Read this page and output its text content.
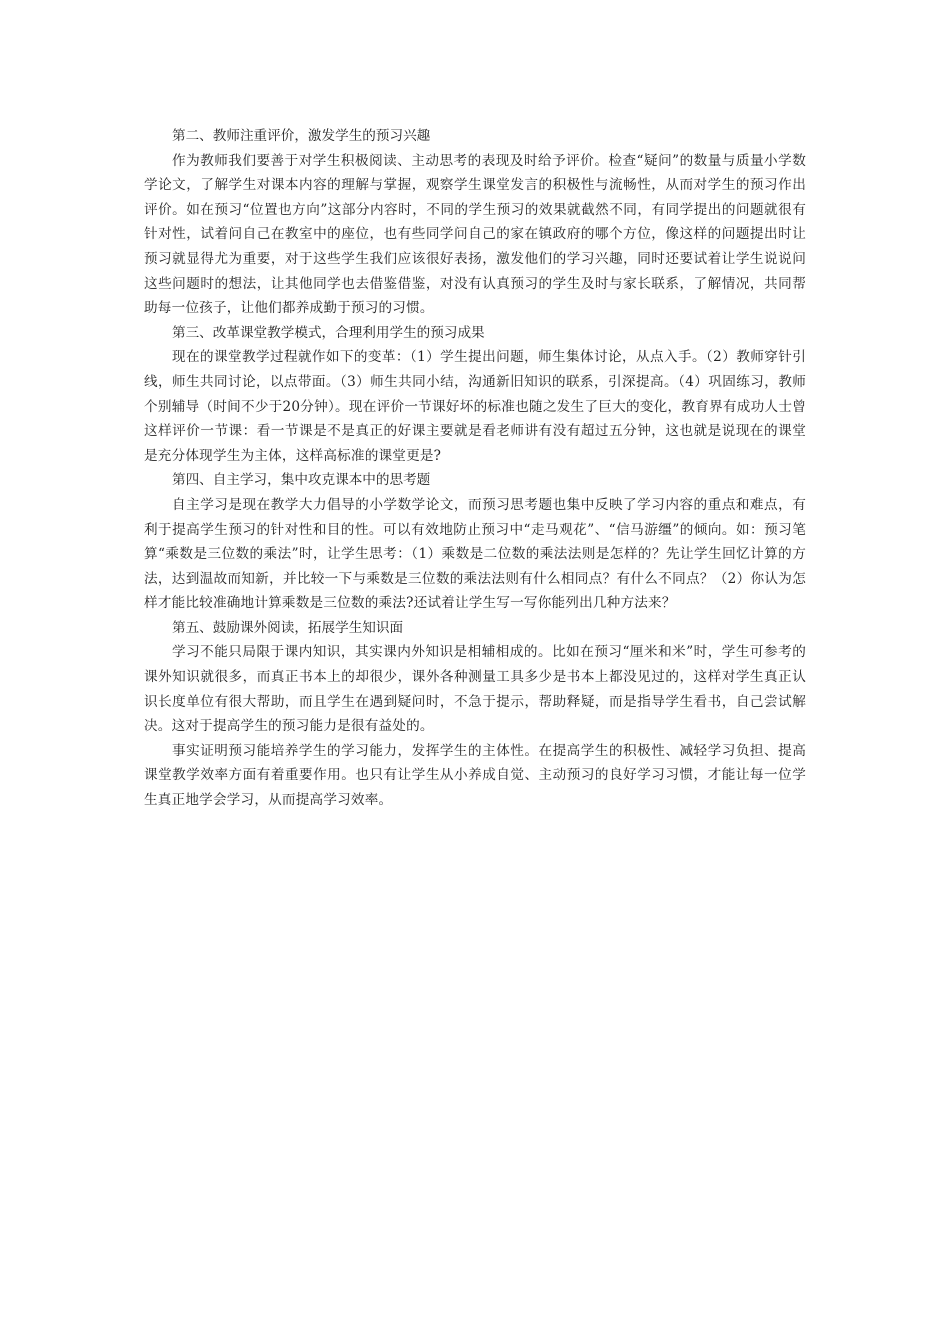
第二、教师注重评价，激发学生的预习兴趣

作为教师我们要善于对学生积极阅读、主动思考的表现及时给予评价。检查“疑问”的数量与质量小学数学论文，了解学生对课本内容的理解与掌握，观察学生课堂发言的积极性与流畅性，从而对学生的预习作出评价。如在预习“位置也方向”这部分内容时，不同的学生预习的效果就截然不同，有同学提出的问题就很有针对性，试着问自己在教室中的座位，也有些同学问自己的家在镇政府的哪个方位，像这样的问题提出时让预习就显得尤为重要，对于这些学生我们应该很好表扬，激发他们的学习兴趣，同时还要试着让学生说说问这些问题时的想法，让其他同学也去借鉴借鉴，对没有认真预习的学生及时与家长联系，了解情况，共同帮助每一位孩子，让他们都养成勤于预习的习惯。

第三、改革课堂教学模式，合理利用学生的预习成果

现在的课堂教学过程就作如下的变革：（1）学生提出问题，师生集体讨论，从点入手。（2）教师穿针引线，师生共同讨论，以点带面。（3）师生共同小结，沟通新旧知识的联系，引深提高。（4）巩固练习，教师个别辅导（时间不少于20分钟）。现在评价一节课好坏的标准也随之发生了巨大的变化，教育界有成功人士曾这样评价一节课：看一节课是不是真正的好课主要就是看老师讲有没有超过五分钟，这也就是说现在的课堂是充分体现学生为主体，这样高标准的课堂更是?

第四、自主学习，集中攻克课本中的思考题

自主学习是现在教学大力倡导的小学数学论文，而预习思考题也集中反映了学习内容的重点和难点，有利于提高学生预习的针对性和目的性。可以有效地防止预习中“走马观花”、“信马游缰”的倾向。如：预习笔算“乘数是三位数的乘法”时，让学生思考：（1）乘数是二位数的乘法法则是怎样的？先让学生回忆计算的方法，达到温故而知新，并比较一下与乘数是三位数的乘法法则有什么相同点？有什么不同点？（2）你认为怎样才能比较准确地计算乘数是三位数的乘法?还试着让学生写一写你能列出几种方法来？

第五、鼓励课外阅读，拓展学生知识面

学习不能只局限于课内知识，其实课内外知识是相辅相成的。比如在预习“厘米和米”时，学生可参考的课外知识就很多，而真正书本上的却很少，课外各种测量工具多少是书本上都没见过的，这样对学生真正认识长度单位有很大帮助，而且学生在遇到疑问时，不急于提示，帮助释疑，而是指导学生看书，自己尝试解决。这对于提高学生的预习能力是很有益处的。

事实证明预习能培养学生的学习能力，发挥学生的主体性。在提高学生的积极性、减轻学习负担、提高课堂教学效率方面有着重要作用。也只有让学生从小养成自觉、主动预习的良好学习习惯，才能让每一位学生真正地学会学习，从而提高学习效率。
